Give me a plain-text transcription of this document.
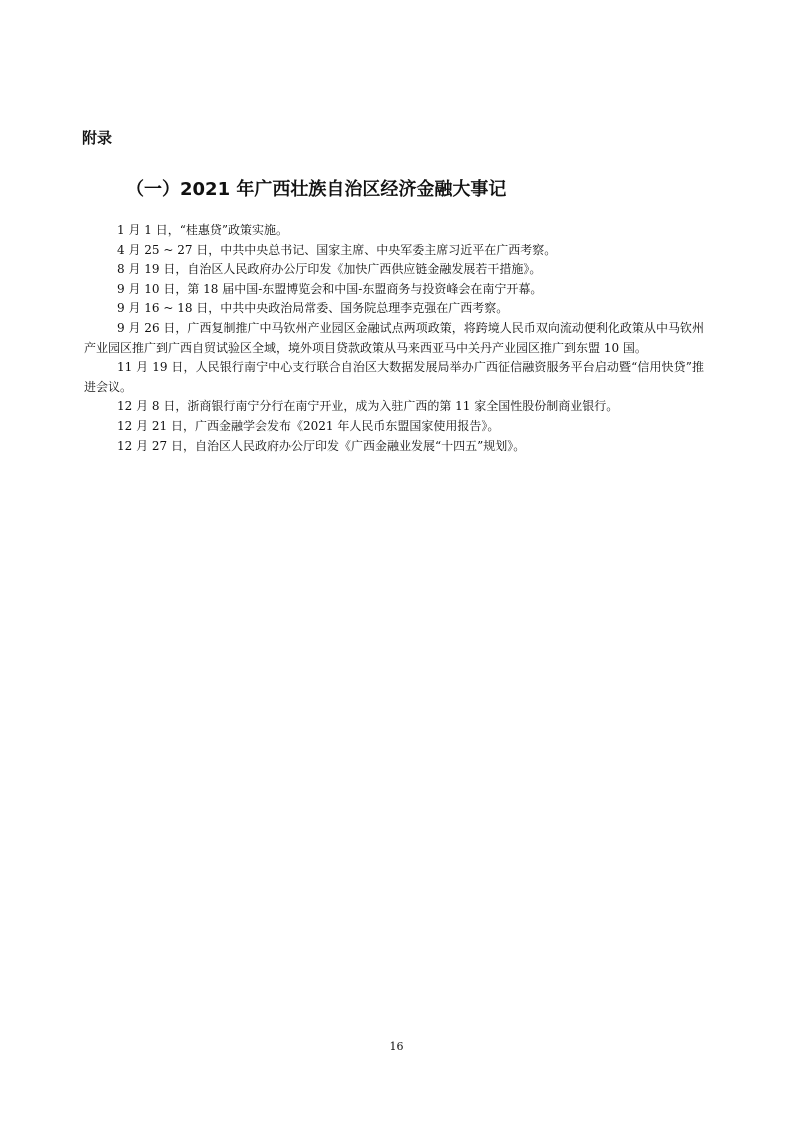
附录

（一）2021 年广西壮族自治区经济金融大事记
1 月 1 日，“桂惠贷”政策实施。
4 月 25 ~ 27 日，中共中央总书记、国家主席、中央军委主席习近平在广西考察。
8 月 19 日，自治区人民政府办公厅印发《加快广西供应链金融发展若干措施》。
9 月 10 日，第 18 届中国-东盟博览会和中国-东盟商务与投资峰会在南宁开幕。
9 月 16 ~ 18 日，中共中央政治局常委、国务院总理李克强在广西考察。
9 月 26 日，广西复制推广中马钦州产业园区金融试点两项政策，将跨境人民币双向流动便利化政策从中马钦州产业园区推广到广西自贸试验区全域，境外项目贷款政策从马来西亚马中关丹产业园区推广到东盟 10 国。
11 月 19 日，人民银行南宁中心支行联合自治区大数据发展局举办广西征信融资服务平台启动暨“信用快贷”推进会议。
12 月 8 日，浙商银行南宁分行在南宁开业，成为入驻广西的第 11 家全国性股份制商业银行。
12 月 21 日，广西金融学会发布《2021 年人民币东盟国家使用报告》。
12 月 27 日，自治区人民政府办公厅印发《广西金融业发展“十四五”规划》。

16
